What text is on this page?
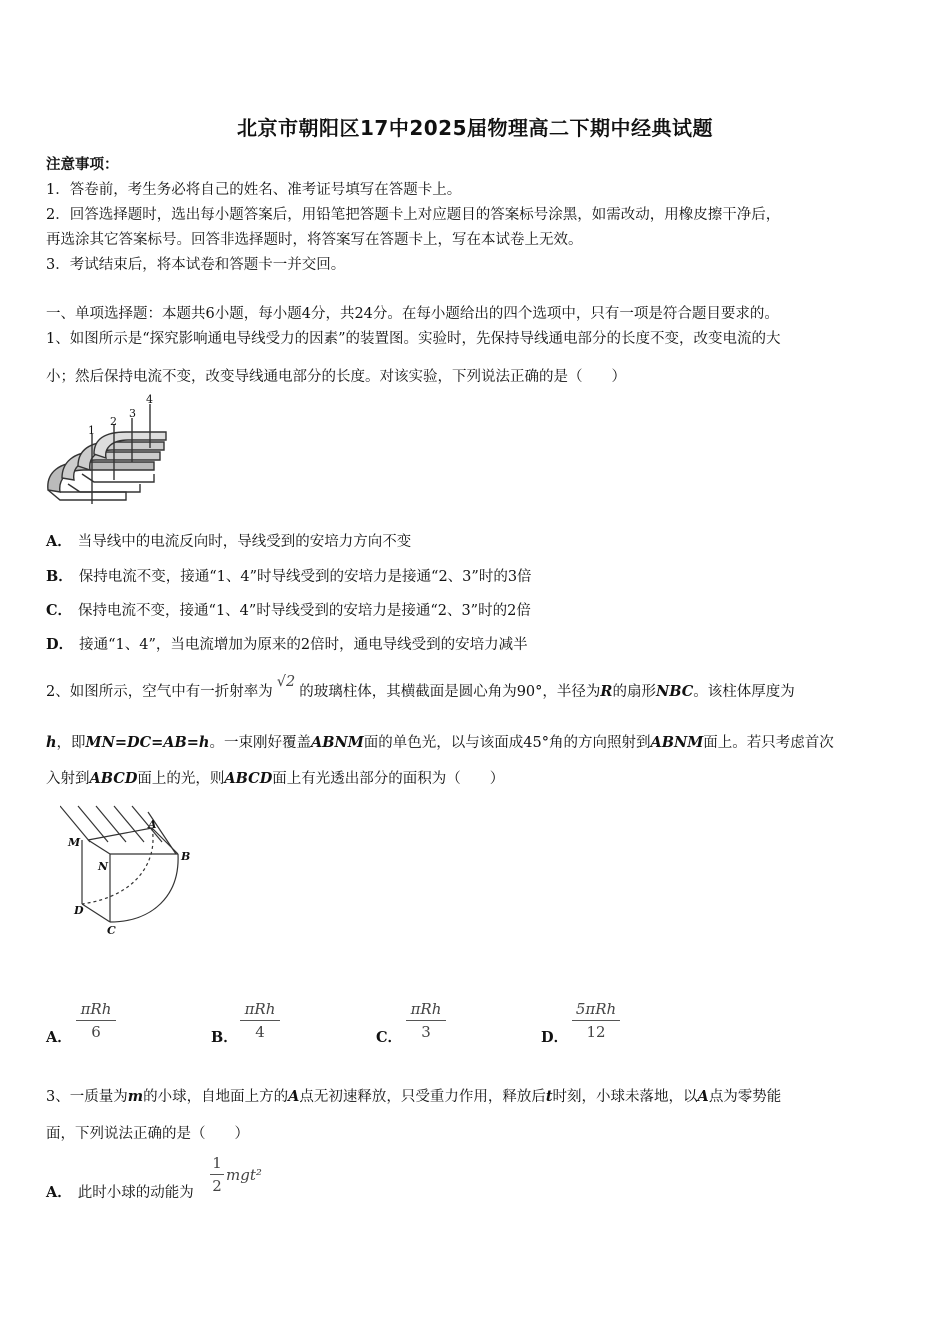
北京市朝阳区17中2025届物理高二下期中经典试题
注意事项：
1．答卷前，考生务必将自己的姓名、准考证号填写在答题卡上。
2．回答选择题时，选出每小题答案后，用铅笔把答题卡上对应题目的答案标号涂黑，如需改动，用橡皮擦干净后，
再选涂其它答案标号。回答非选择题时，将答案写在答题卡上，写在本试卷上无效。
3．考试结束后，将本试卷和答题卡一并交回。
一、单项选择题：本题共6小题，每小题4分，共24分。在每小题给出的四个选项中，只有一项是符合题目要求的。
1、如图所示是“探究影响通电导线受力的因素”的装置图。实验时，先保持导线通电部分的长度不变，改变电流的大
小；然后保持电流不变，改变导线通电部分的长度。对该实验，下列说法正确的是（　　）
1
2
3
4
A． 当导线中的电流反向时，导线受到的安培力方向不变
B． 保持电流不变，接通“1、4”时导线受到的安培力是接通“2、3”时的3倍
C． 保持电流不变，接通“1、4”时导线受到的安培力是接通“2、3”时的2倍
D． 接通“1、4”，当电流增加为原来的2倍时，通电导线受到的安培力减半
2、如图所示，空气中有一折射率为√2的玻璃柱体，其横截面是圆心角为90°，半径为R的扇形NBC。该柱体厚度为
h，即MN=DC=AB=h。一束刚好覆盖ABNM面的单色光，以与该面成45°角的方向照射到ABNM面上。若只考虑首次
入射到ABCD面上的光，则ABCD面上有光透出部分的面积为（　　）
M
A
B
N
D
C
A．
πRh
6	B．
πRh
4	C．
πRh
3	D．
5πRh
12
3、一质量为m的小球，自地面上方的A点无初速释放，只受重力作用，释放后t时刻，小球未落地，以A点为零势能
面，下列说法正确的是（　　）
A． 此时小球的动能为
1
2
mgt²
